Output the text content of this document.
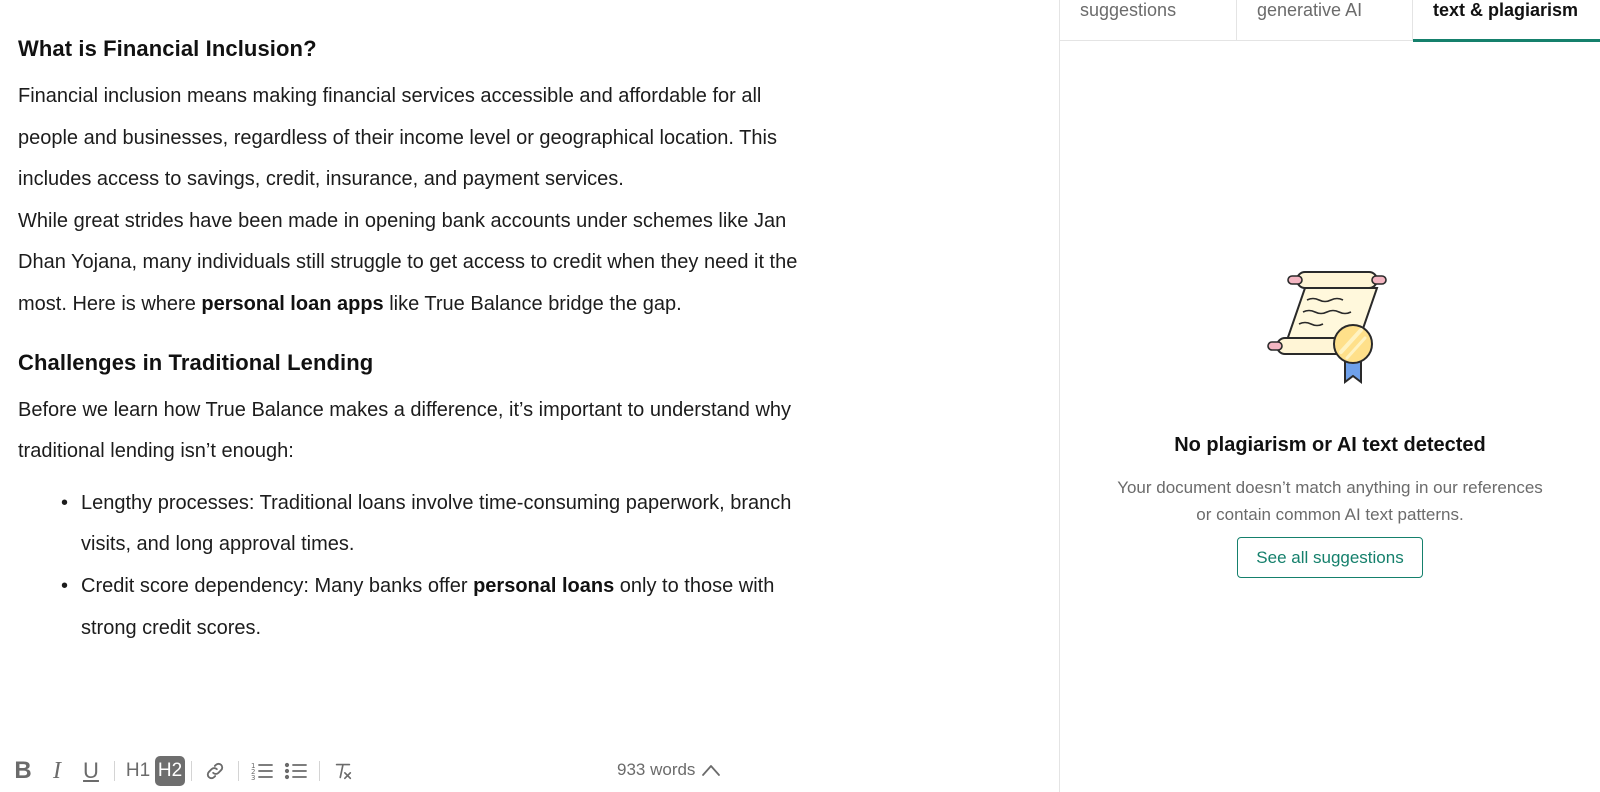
What is Financial Inclusion?

Financial inclusion means making financial services accessible and affordable for all people and businesses, regardless of their income level or geographical location. This includes access to savings, credit, insurance, and payment services.

While great strides have been made in opening bank accounts under schemes like Jan Dhan Yojana, many individuals still struggle to get access to credit when they need it the most. Here is where personal loan apps like True Balance bridge the gap.

Challenges in Traditional Lending

Before we learn how True Balance makes a difference, it’s important to understand why traditional lending isn’t enough:

• Lengthy processes: Traditional loans involve time-consuming paperwork, branch visits, and long approval times.
• Credit score dependency: Many banks offer personal loans only to those with strong credit scores.
B I	U	H1 H2	1
2
3	933 words
suggestions	generative AI	text & plagiarism
No plagiarism or AI text detected
Your document doesn’t match anything in our references or contain common AI text patterns.
See all suggestions
